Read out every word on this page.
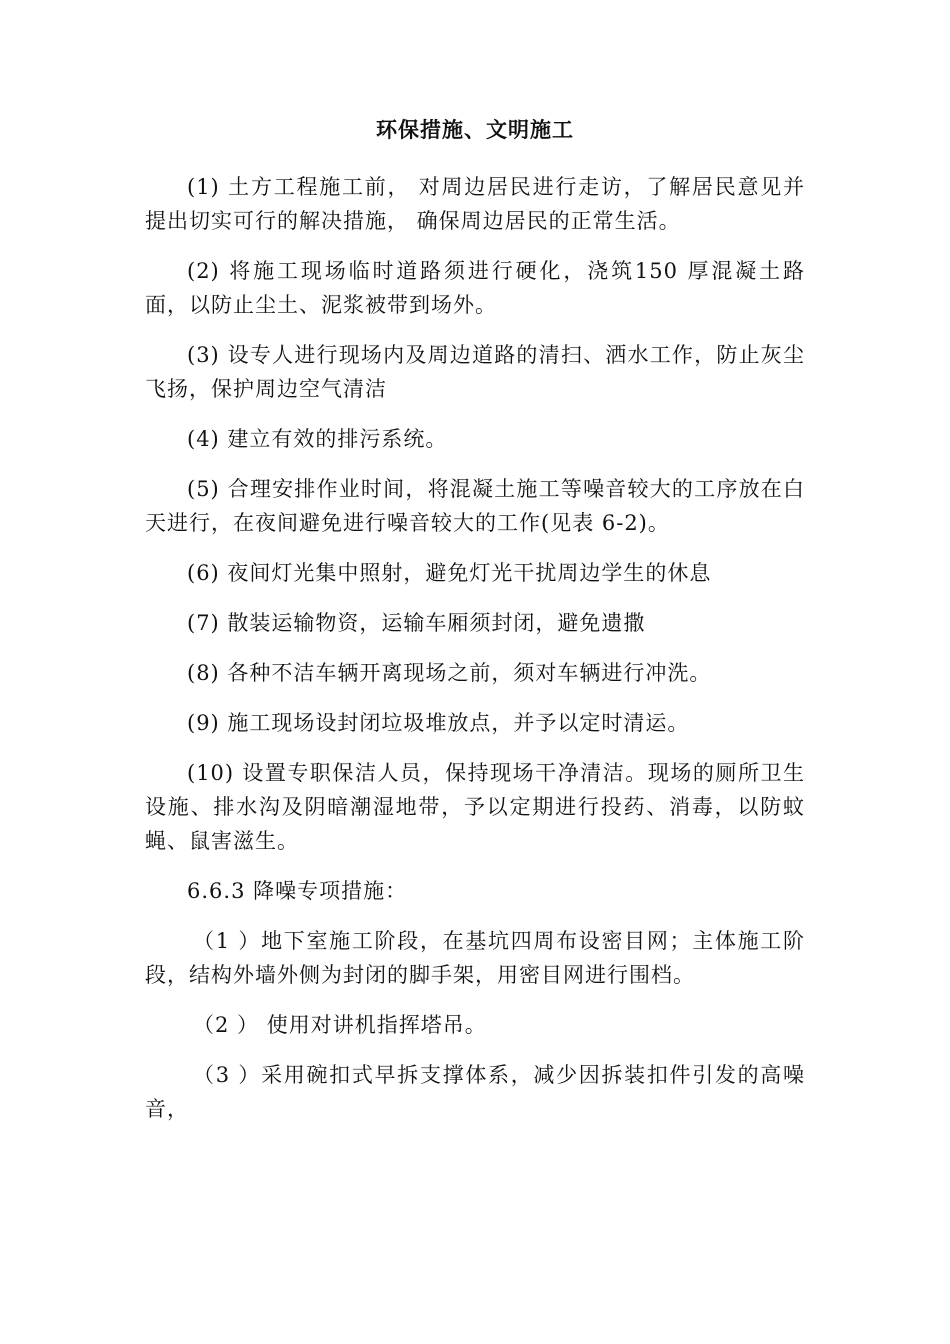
环保措施、文明施工

(1) 土方工程施工前， 对周边居民进行走访，了解居民意见并提出切实可行的解决措施， 确保周边居民的正常生活。

(2) 将施工现场临时道路须进行硬化，浇筑150 厚混凝土路面，以防止尘土、泥浆被带到场外。

(3) 设专人进行现场内及周边道路的清扫、洒水工作，防止灰尘飞扬，保护周边空气清洁

(4) 建立有效的排污系统。

(5) 合理安排作业时间，将混凝土施工等噪音较大的工序放在白天进行，在夜间避免进行噪音较大的工作(见表 6-2)。

(6) 夜间灯光集中照射，避免灯光干扰周边学生的休息

(7) 散装运输物资，运输车厢须封闭，避免遗撒

(8) 各种不洁车辆开离现场之前，须对车辆进行冲洗。

(9) 施工现场设封闭垃圾堆放点，并予以定时清运。

(10) 设置专职保洁人员，保持现场干净清洁。现场的厕所卫生设施、排水沟及阴暗潮湿地带，予以定期进行投药、消毒，以防蚊蝇、鼠害滋生。

6.6.3 降噪专项措施：

（1 ）地下室施工阶段，在基坑四周布设密目网；主体施工阶段，结构外墙外侧为封闭的脚手架，用密目网进行围档。

（2 ） 使用对讲机指挥塔吊。

（3 ）采用碗扣式早拆支撑体系，减少因拆装扣件引发的高噪音，
